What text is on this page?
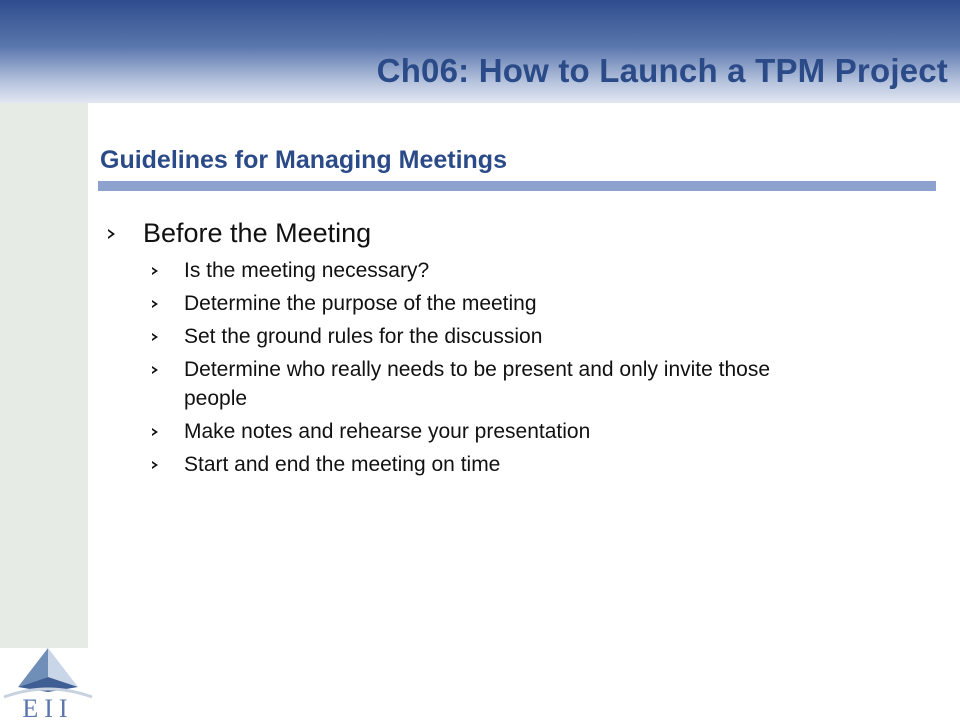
Ch06: How to Launch a TPM Project
EII
Guidelines for Managing Meetings
Before the Meeting
Is the meeting necessary?
Determine the purpose of the meeting
Set the ground rules for the discussion
Determine who really needs to be present and only invite those people
Make notes and rehearse your presentation
Start and end the meeting on time
